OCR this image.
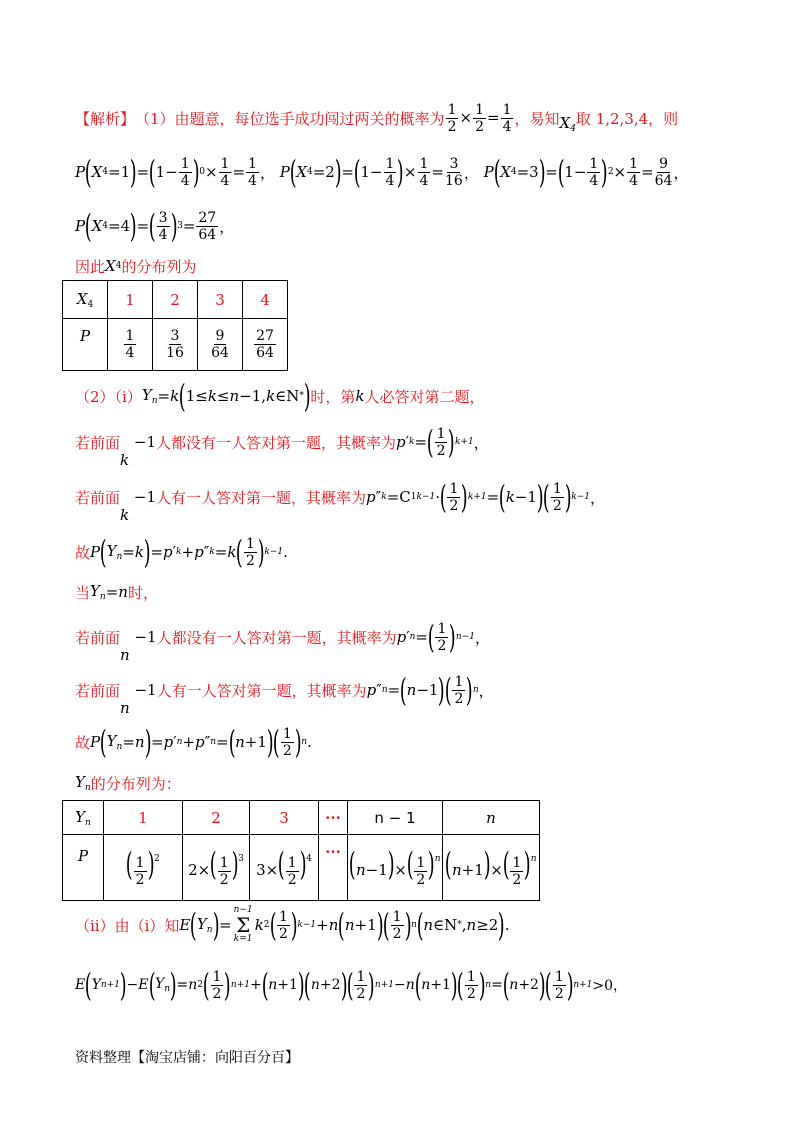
【解析】 （1）由题意，每位选手成功闯过两关的概率为 $\frac{1}{2} \times \frac{1}{2} = \frac{1}{4}$ ，易知 $X_4$
取 1,2,3,4，则
P ( X 4 =1 ) = ( $1- \frac{1}{4}$ ) $0 \times \frac{1}{4} = \frac{1}{4}$ ， P ( X 4 =2 ) = ( $1- \frac{1}{4}$ ) × $\frac{1}{4} = \frac{3}{16}$ ， P ( X 4 =3 ) = ( $1- \frac{1}{4}$ ) $2 \times \frac{1}{4} = \frac{9}{64}$ ，
P ( X 4 =4 ) = ( $\frac{3}{4}$ ) $3 = \frac{27}{64}$ ，
因此 X 4 的分布列为
$X_4$	1	2	3	4
P	$\frac{1}{4}$	$\frac{3}{16}$	$\frac{9}{64}$	$\frac{27}{64}$
（2）（i） $Y_n = k$ ( 1≤ k ≤ n −1, k ∈N * ) 时，第 k 人必答对第二题，
若前面
k
−1 人都没有一人答对第一题，其概率为 p ′ k = ( $\frac{1}{2}$ ) k+1 ，
若前面
k
−1 人有一人答对第一题，其概率为 p ″ k =C 1 k−1 · ( $\frac{1}{2}$ ) k+1 = ( k −1 ) ( $\frac{1}{2}$ ) k−1 ，
故 P ( $Y_n = k$ ) = p ′ k + p ″ k = k ( $\frac{1}{2}$ ) k−1 .
当 $Y_n = n$ 时，
若前面
n
−1 人都没有一人答对第一题，其概率为 p ′ n = ( $\frac{1}{2}$ ) n−1 ，
若前面
n
−1 人有一人答对第一题，其概率为 p ″ n = ( n −1 ) ( $\frac{1}{2}$ ) n ，
故 P ( $Y_n = n$ ) = p ′ n + p ″ n = ( n +1 ) ( $\frac{1}{2}$ ) n .
$Y_n$ 的分布列为：
$Y_n$	1	2	3	···	n − 1	n
P	( $\frac{1}{2} )^2$	$2\times( \frac{1}{2} )^3$	$3\times( \frac{1}{2} )^4$	···	$(n-1)\times( \frac{1}{2} )^n$	$(n+1)\times( \frac{1}{2} )^n$
（ii）由（i）知 E ( $Y_n$ ) =
n−1
Σ
k=1
k 2 ( $\frac{1}{2}$ ) k−1 + n ( n +1 ) ( $\frac{1}{2}$ ) n ( n ∈N * , n ≥2 ) .
E ( Y n+1 ) − E ( $Y_n$ ) = n 2 ( $\frac{1}{2}$ ) n+1 + ( n +1 ) ( n +2 ) ( $\frac{1}{2}$ ) n+1 − n ( n +1 ) ( $\frac{1}{2}$ ) n = ( n +2 ) ( $\frac{1}{2}$ ) n+1 >0，
资料整理【淘宝店铺：向阳百分百】
